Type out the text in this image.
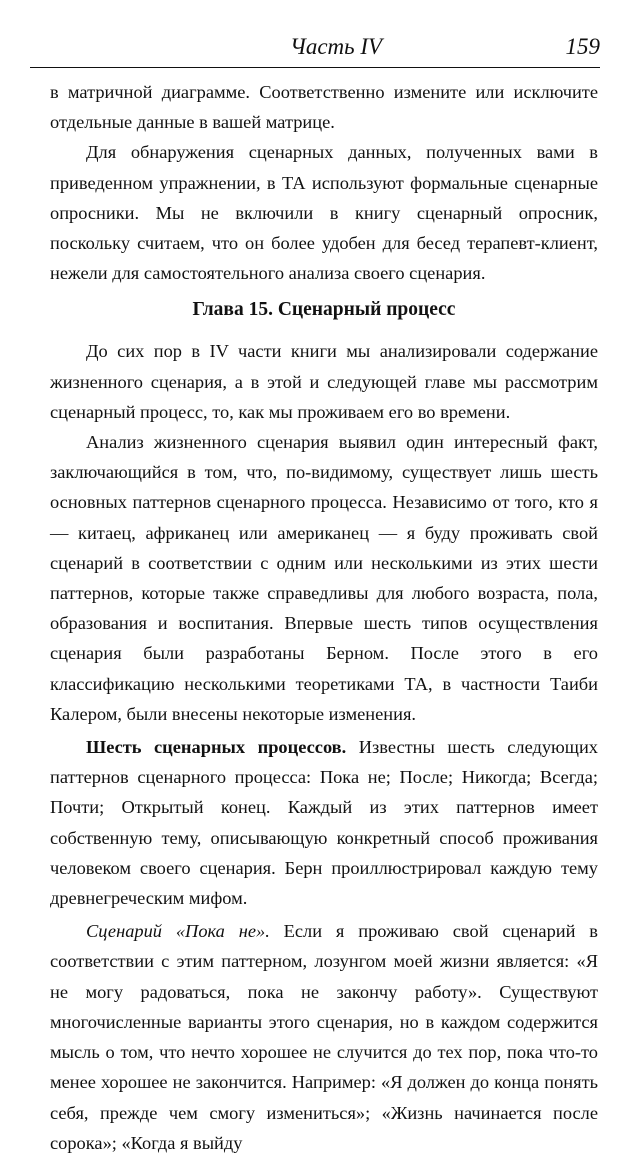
Часть IV	159

в матричной диаграмме. Соответственно измените или исключите отдельные данные в вашей матрице.

Для обнаружения сценарных данных, полученных вами в приведенном упражнении, в ТА используют формальные сценарные опросники. Мы не включили в книгу сценарный опросник, поскольку считаем, что он более удобен для бесед терапевт-клиент, нежели для самостоятельного анализа своего сценария.

Глава 15. Сценарный процесс

До сих пор в IV части книги мы анализировали содержание жизненного сценария, а в этой и следующей главе мы рассмотрим сценарный процесс, то, как мы проживаем его во времени.

Анализ жизненного сценария выявил один интересный факт, заключающийся в том, что, по-видимому, существует лишь шесть основных паттернов сценарного процесса. Независимо от того, кто я — китаец, африканец или американец — я буду проживать свой сценарий в соответствии с одним или несколькими из этих шести паттернов, которые также справедливы для любого возраста, пола, образования и воспитания. Впервые шесть типов осуществления сценария были разработаны Берном. После этого в его классификацию несколькими теоретиками ТА, в частности Таиби Калером, были внесены некоторые изменения.

Шесть сценарных процессов. Известны шесть следующих паттернов сценарного процесса: Пока не; После; Никогда; Всегда; Почти; Открытый конец. Каждый из этих паттернов имеет собственную тему, описывающую конкретный способ проживания человеком своего сценария. Берн проиллюстрировал каждую тему древнегреческим мифом.

Сценарий «Пока не». Если я проживаю свой сценарий в соответствии с этим паттерном, лозунгом моей жизни является: «Я не могу радоваться, пока не закончу работу». Существуют многочисленные варианты этого сценария, но в каждом содержится мысль о том, что нечто хорошее не случится до тех пор, пока что-то менее хорошее не закончится. Например: «Я должен до конца понять себя, прежде чем смогу измениться»; «Жизнь начинается после сорока»; «Когда я выйду
